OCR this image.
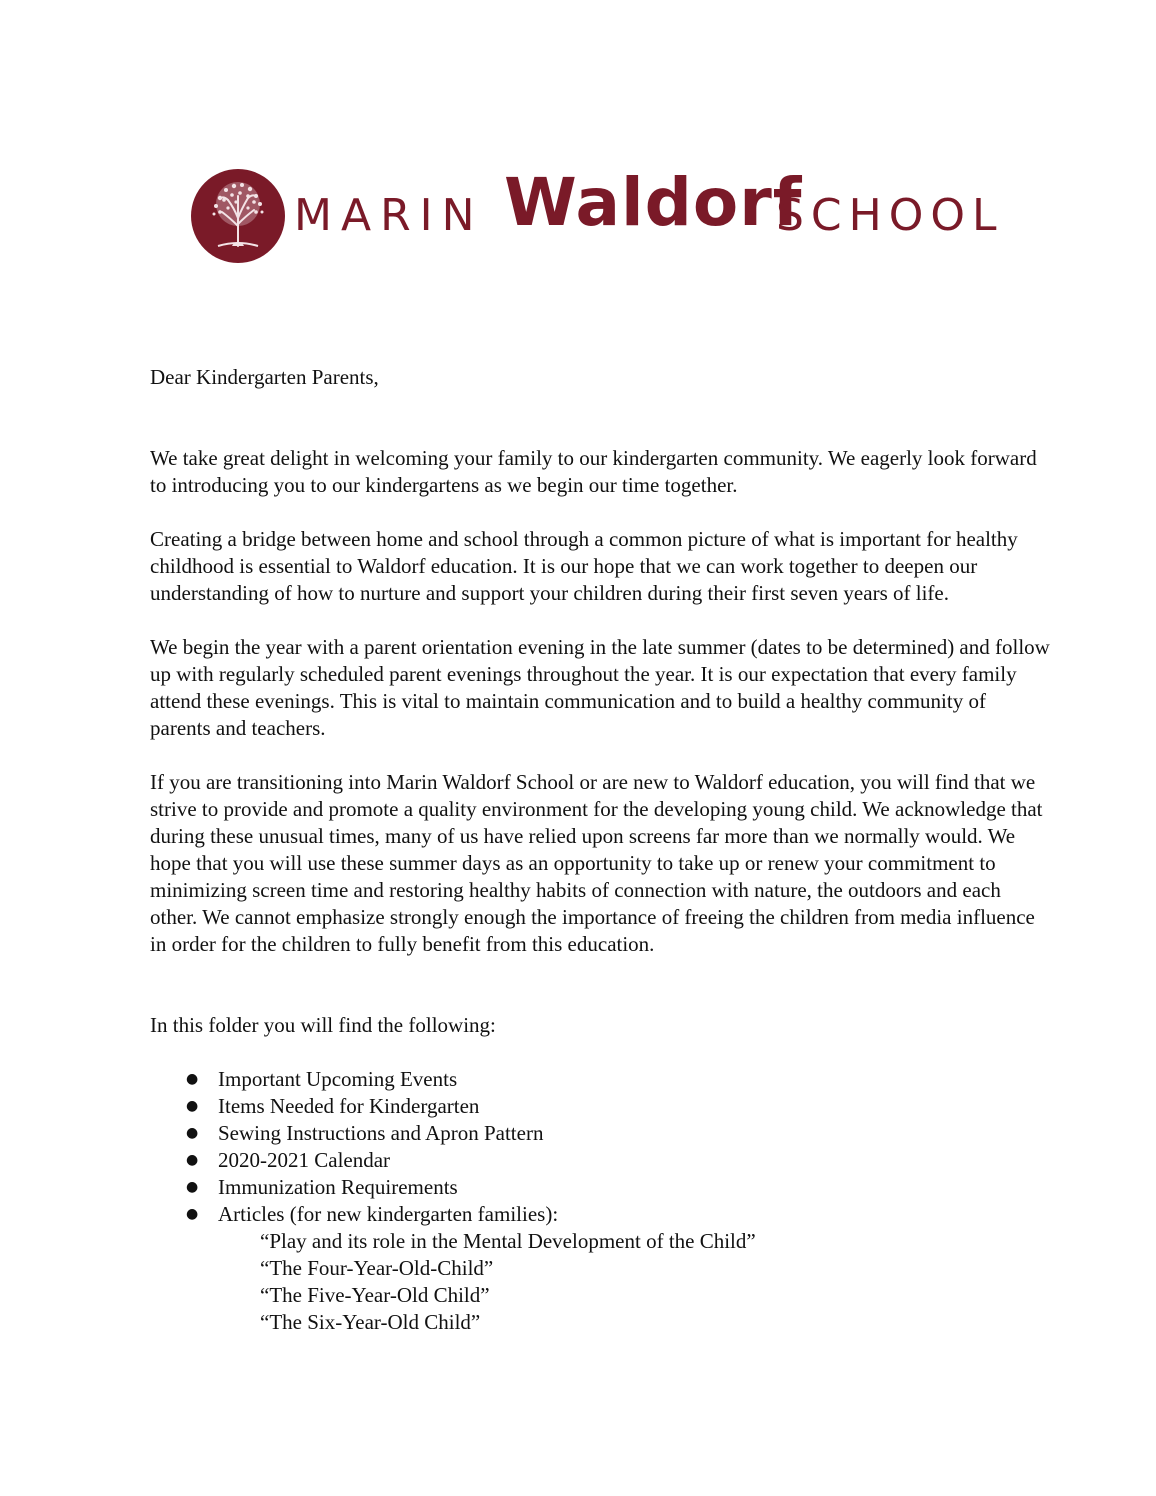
MARIN Waldorf
SCHOOL

Dear Kindergarten Parents,

We take great delight in welcoming your family to our kindergarten community. We eagerly look forward to introducing you to our kindergartens as we begin our time together.

Creating a bridge between home and school through a common picture of what is important for healthy childhood is essential to Waldorf education. It is our hope that we can work together to deepen our understanding of how to nurture and support your children during their first seven years of life.

We begin the year with a parent orientation evening in the late summer (dates to be determined) and follow up with regularly scheduled parent evenings throughout the year. It is our expectation that every family attend these evenings. This is vital to maintain communication and to build a healthy community of parents and teachers.

If you are transitioning into Marin Waldorf School or are new to Waldorf education, you will find that we strive to provide and promote a quality environment for the developing young child. We acknowledge that during these unusual times, many of us have relied upon screens far more than we normally would. We hope that you will use these summer days as an opportunity to take up or renew your commitment to minimizing screen time and restoring healthy habits of connection with nature, the outdoors and each other. We cannot emphasize strongly enough the importance of freeing the children from media influence in order for the children to fully benefit from this education.

In this folder you will find the following:

● Important Upcoming Events
● Items Needed for Kindergarten
● Sewing Instructions and Apron Pattern
● 2020-2021 Calendar
● Immunization Requirements
● Articles (for new kindergarten families):
“Play and its role in the Mental Development of the Child”
“The Four-Year-Old-Child”
“The Five-Year-Old Child”
“The Six-Year-Old Child”
